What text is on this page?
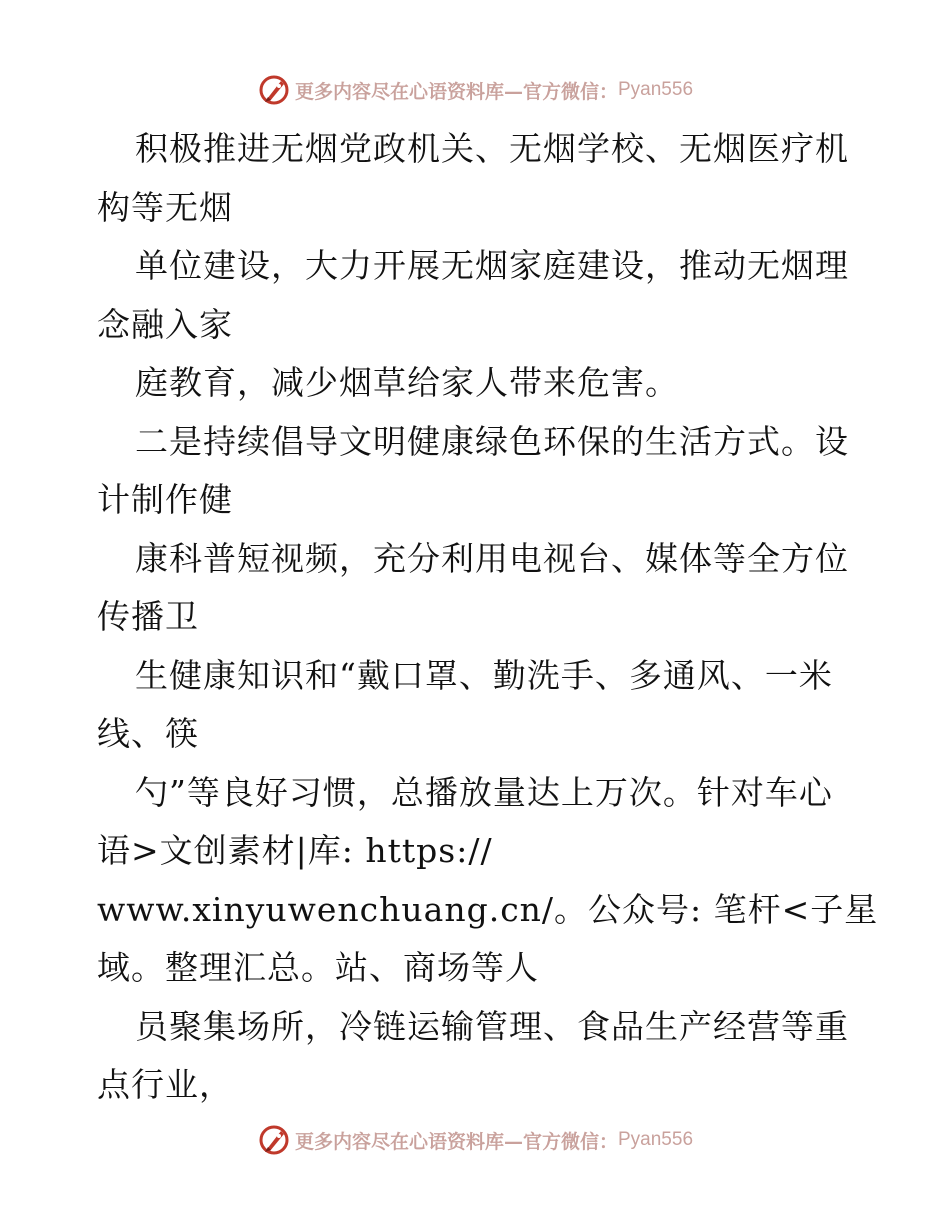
更多内容尽在心语资料库—官方微信： Pyan556
积极推进无烟党政机关、无烟学校、无烟医疗机
构等无烟
单位建设，大力开展无烟家庭建设，推动无烟理
念融入家
庭教育，减少烟草给家人带来危害。
二是持续倡导文明健康绿色环保的生活方式。设
计制作健
康科普短视频，充分利用电视台、媒体等全方位
传播卫
生健康知识和“戴口罩、勤洗手、多通风、一米
线、筷
勺”等良好习惯，总播放量达上万次。针对车心
语>文创素材|库: https://
www.xinyuwenchuang.cn/。公众号: 笔杆<子星
域。整理汇总。站、商场等人
员聚集场所，冷链运输管理、食品生产经营等重
点行业，
更多内容尽在心语资料库—官方微信： Pyan556
